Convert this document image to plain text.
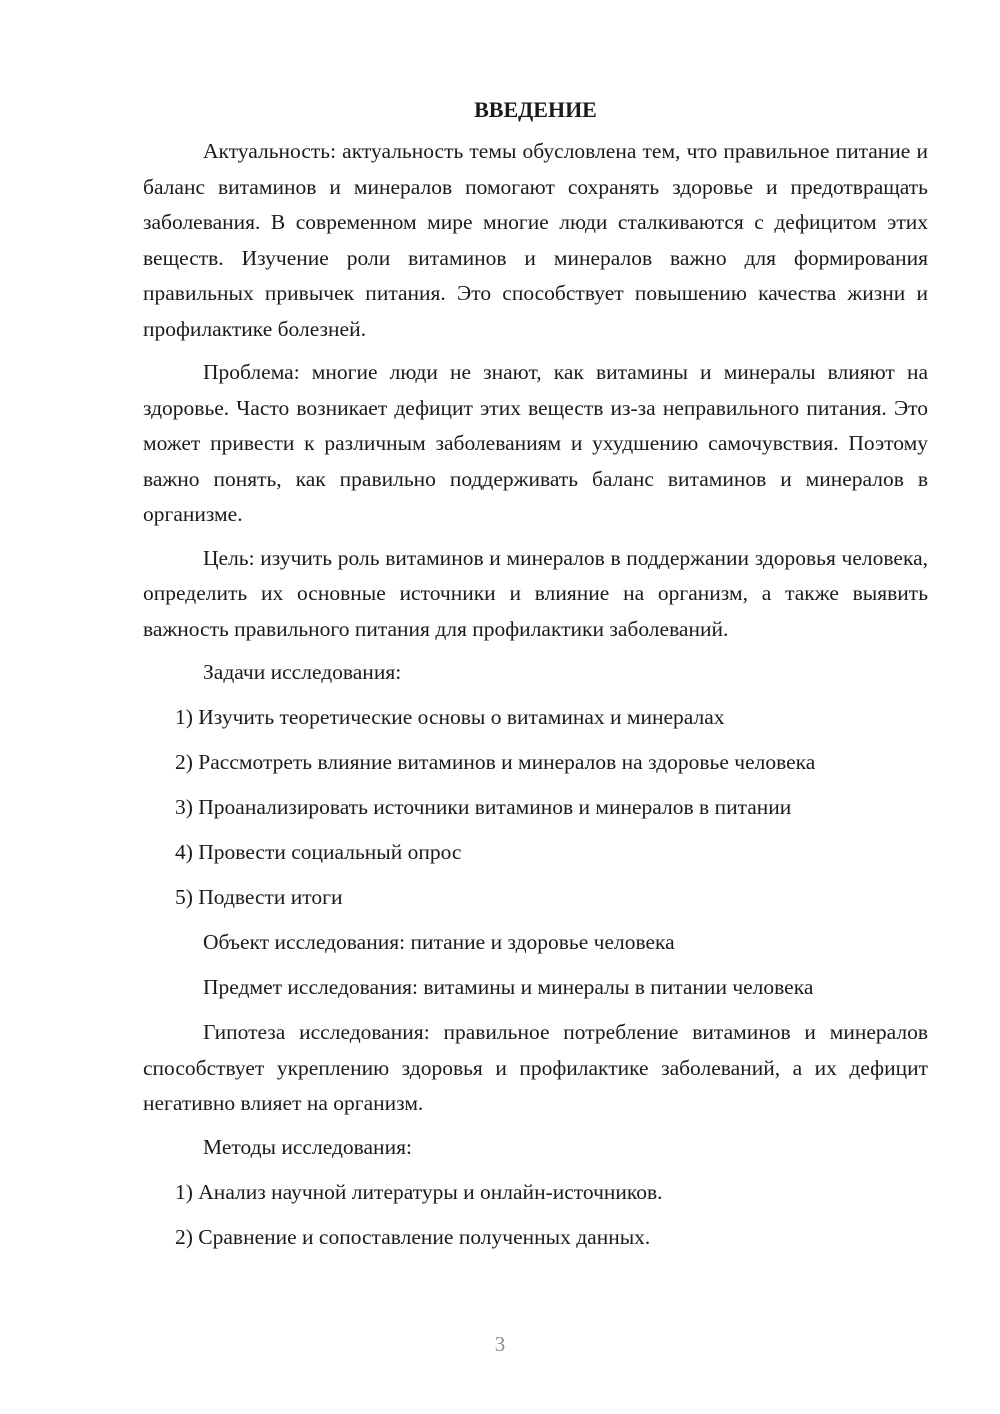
ВВЕДЕНИЕ

Актуальность: актуальность темы обусловлена тем, что правильное питание и баланс витаминов и минералов помогают сохранять здоровье и предотвращать заболевания. В современном мире многие люди сталкиваются с дефицитом этих веществ. Изучение роли витаминов и минералов важно для формирования правильных привычек питания. Это способствует повышению качества жизни и профилактике болезней.

Проблема: многие люди не знают, как витамины и минералы влияют на здоровье. Часто возникает дефицит этих веществ из-за неправильного питания. Это может привести к различным заболеваниям и ухудшению самочувствия. Поэтому важно понять, как правильно поддерживать баланс витаминов и минералов в организме.

Цель: изучить роль витаминов и минералов в поддержании здоровья человека, определить их основные источники и влияние на организм, а также выявить важность правильного питания для профилактики заболеваний.

Задачи исследования:
1) Изучить теоретические основы о витаминах и минералах
2) Рассмотреть влияние витаминов и минералов на здоровье человека
3) Проанализировать источники витаминов и минералов в питании
4) Провести социальный опрос
5) Подвести итоги
Объект исследования: питание и здоровье человека
Предмет исследования: витамины и минералы в питании человека

Гипотеза исследования: правильное потребление витаминов и минералов способствует укреплению здоровья и профилактике заболеваний, а их дефицит негативно влияет на организм.

Методы исследования:
1) Анализ научной литературы и онлайн-источников.
2) Сравнение и сопоставление полученных данных.
3
